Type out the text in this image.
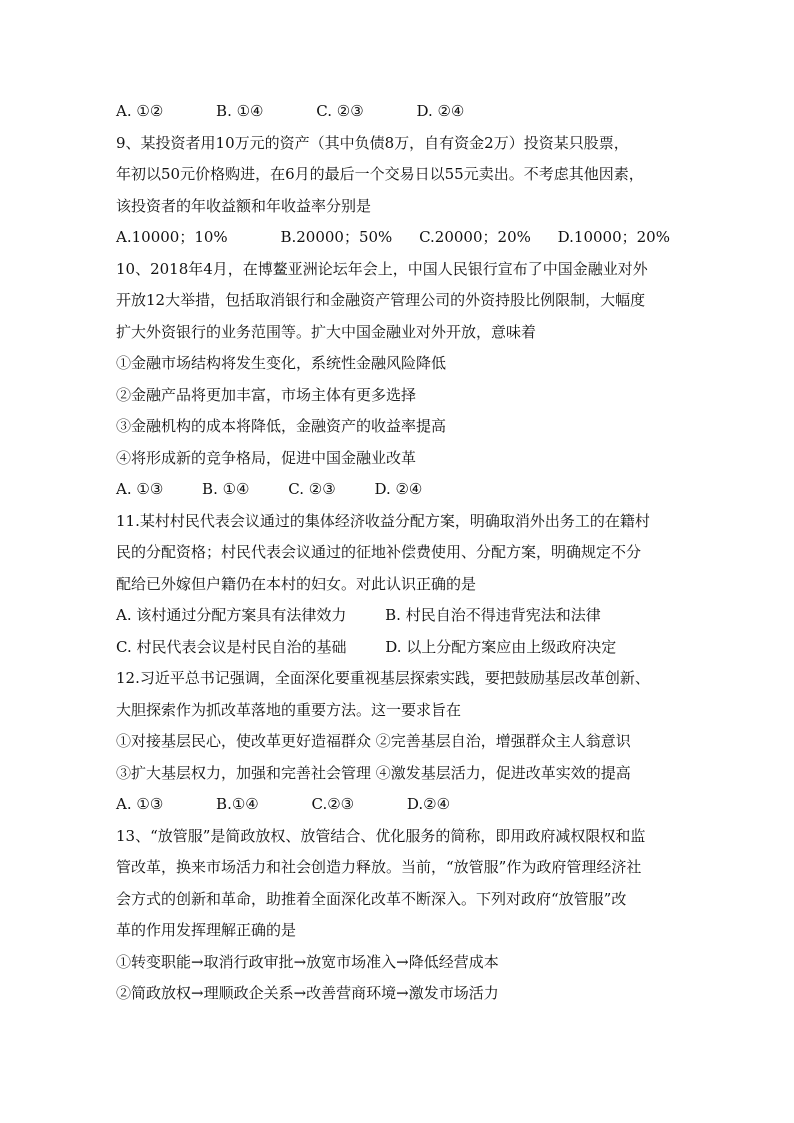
A. ①②	B. ①④	C. ②③	D. ②④
9、某投资者用10万元的资产（其中负债8万，自有资金2万）投资某只股票，
年初以50元价格购进，在6月的最后一个交易日以55元卖出。不考虑其他因素，
该投资者的年收益额和年收益率分别是
A.10000；10%	B.20000；50% C.20000；20% D.10000；20%
10、2018年4月，在博鳌亚洲论坛年会上，中国人民银行宣布了中国金融业对外
开放12大举措，包括取消银行和金融资产管理公司的外资持股比例限制，大幅度
扩大外资银行的业务范围等。扩大中国金融业对外开放，意味着
①金融市场结构将发生变化，系统性金融风险降低
②金融产品将更加丰富，市场主体有更多选择
③金融机构的成本将降低，金融资产的收益率提高
④将形成新的竞争格局，促进中国金融业改革
A. ①③	B. ①④	C. ②③	D. ②④
11.某村村民代表会议通过的集体经济收益分配方案，明确取消外出务工的在籍村
民的分配资格；村民代表会议通过的征地补偿费使用、分配方案，明确规定不分
配给已外嫁但户籍仍在本村的妇女。对此认识正确的是
A. 该村通过分配方案具有法律效力	B. 村民自治不得违背宪法和法律
C. 村民代表会议是村民自治的基础	D. 以上分配方案应由上级政府决定
12.习近平总书记强调，全面深化要重视基层探索实践，要把鼓励基层改革创新、
大胆探索作为抓改革落地的重要方法。这一要求旨在
①对接基层民心，使改革更好造福群众 ②完善基层自治，增强群众主人翁意识
③扩大基层权力，加强和完善社会管理 ④激发基层活力，促进改革实效的提高
A. ①③	B.①④	C.②③	D.②④
13、“放管服”是简政放权、放管结合、优化服务的简称，即用政府减权限权和监
管改革，换来市场活力和社会创造力释放。当前，“放管服”作为政府管理经济社
会方式的创新和革命，助推着全面深化改革不断深入。下列对政府“放管服”改
革的作用发挥理解正确的是
①转变职能→取消行政审批→放宽市场准入→降低经营成本
②简政放权→理顺政企关系→改善营商环境→激发市场活力
